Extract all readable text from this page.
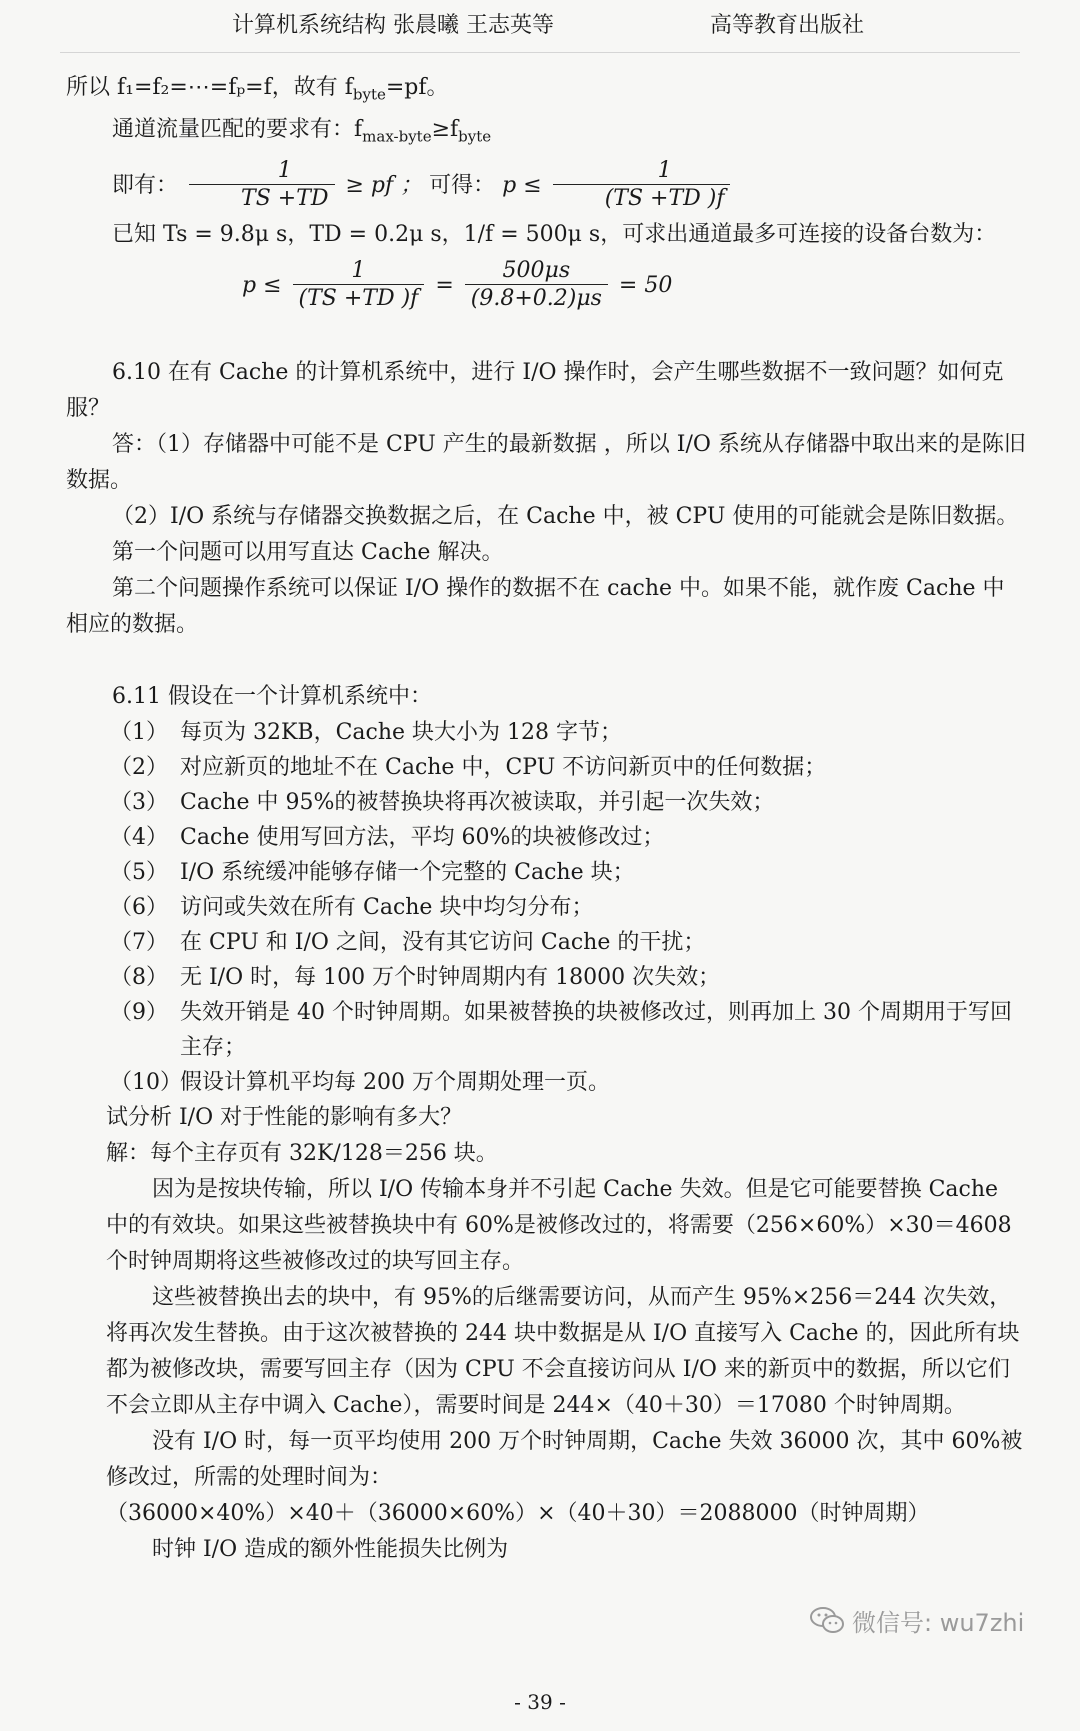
计算机系统结构 张晨曦 王志英等	高等教育出版社

所以 f₁=f₂=⋯=fₚ=f，故有 $f_{byte}=pf$。

通道流量匹配的要求有：$f_{max-byte}\ge f_{byte}$

即有： $\frac{1}{TS +TD}$ ≥ pf ； 可得： $p \le \frac{1}{(TS +TD )f}$

已知 Ts = 9.8μ s，TD = 0.2μ s，1/f = 500μ s，可求出通道最多可连接的设备台数为：

$p \le \frac{1}{(TS +TD )f} = \frac{500\mu s}{(9.8+0.2)\mu s} = 50$

6.10 在有 Cache 的计算机系统中，进行 I/O 操作时，会产生哪些数据不一致问题？如何克服？

答：（1）存储器中可能不是 CPU 产生的最新数据 ，所以 I/O 系统从存储器中取出来的是陈旧数据。

（2）I/O 系统与存储器交换数据之后，在 Cache 中，被 CPU 使用的可能就会是陈旧数据。

第一个问题可以用写直达 Cache 解决。

第二个问题操作系统可以保证 I/O 操作的数据不在 cache 中。如果不能，就作废 Cache 中相应的数据。

6.11 假设在一个计算机系统中：

（1） 每页为 32KB，Cache 块大小为 128 字节；
（2） 对应新页的地址不在 Cache 中，CPU 不访问新页中的任何数据；
（3） Cache 中 95%的被替换块将再次被读取，并引起一次失效；
（4） Cache 使用写回方法，平均 60%的块被修改过；
（5） I/O 系统缓冲能够存储一个完整的 Cache 块；
（6） 访问或失效在所有 Cache 块中均匀分布；
（7） 在 CPU 和 I/O 之间，没有其它访问 Cache 的干扰；
（8） 无 I/O 时，每 100 万个时钟周期内有 18000 次失效；
（9） 失效开销是 40 个时钟周期。如果被替换的块被修改过，则再加上 30 个周期用于写回主存；
（10）
假设计算机平均每 200 万个周期处理一页。

试分析 I/O 对于性能的影响有多大？

解：每个主存页有 32K/128＝256 块。

因为是按块传输，所以 I/O 传输本身并不引起 Cache 失效。但是它可能要替换 Cache 中的有效块。如果这些被替换块中有 60%是被修改过的，将需要（256×60%）×30＝4608 个时钟周期将这些被修改过的块写回主存。

这些被替换出去的块中，有 95%的后继需要访问，从而产生 95%×256＝244 次失效，将再次发生替换。由于这次被替换的 244 块中数据是从 I/O 直接写入 Cache 的，因此所有块都为被修改块，需要写回主存（因为 CPU 不会直接访问从 I/O 来的新页中的数据，所以它们不会立即从主存中调入 Cache），需要时间是 244×（40＋30）＝17080 个时钟周期。

没有 I/O 时，每一页平均使用 200 万个时钟周期，Cache 失效 36000 次，其中 60%被修改过，所需的处理时间为：

（36000×40%）×40＋（36000×60%）×（40＋30）＝2088000（时钟周期）

时钟 I/O 造成的额外性能损失比例为

微信号: wu7zhi
- 39 -
